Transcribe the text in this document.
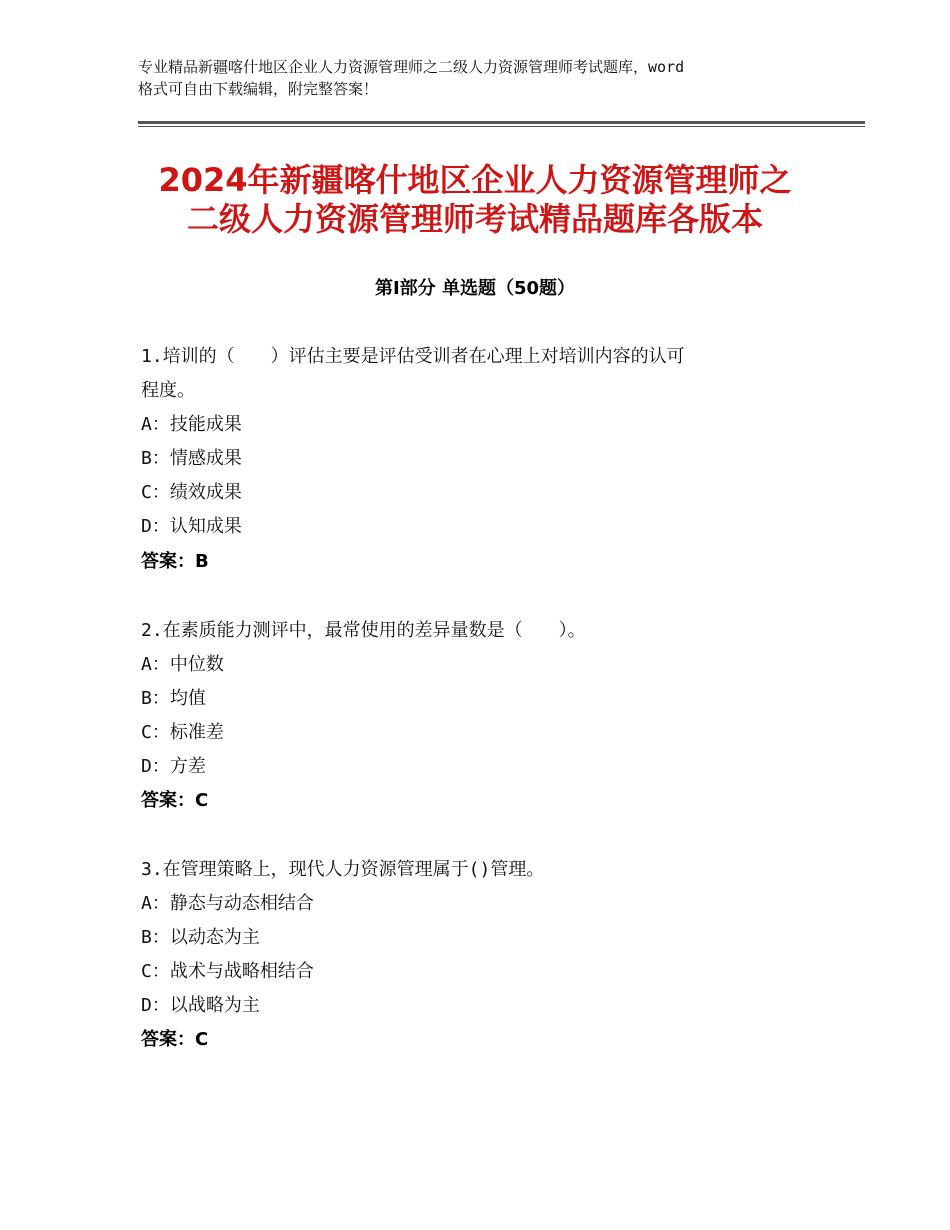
专业精品新疆喀什地区企业人力资源管理师之二级人力资源管理师考试题库，word
格式可自由下载编辑，附完整答案！
2024年新疆喀什地区企业人力资源管理师之
二级人力资源管理师考试精品题库各版本
第Ⅰ部分 单选题（50题）
1.培训的（　　）评估主要是评估受训者在心理上对培训内容的认可
程度。
A：技能成果
B：情感成果
C：绩效成果
D：认知成果
答案：B
2.在素质能力测评中，最常使用的差异量数是（　　）。
A：中位数
B：均值
C：标准差
D：方差
答案：C
3.在管理策略上，现代人力资源管理属于()管理。
A：静态与动态相结合
B：以动态为主
C：战术与战略相结合
D：以战略为主
答案：C
